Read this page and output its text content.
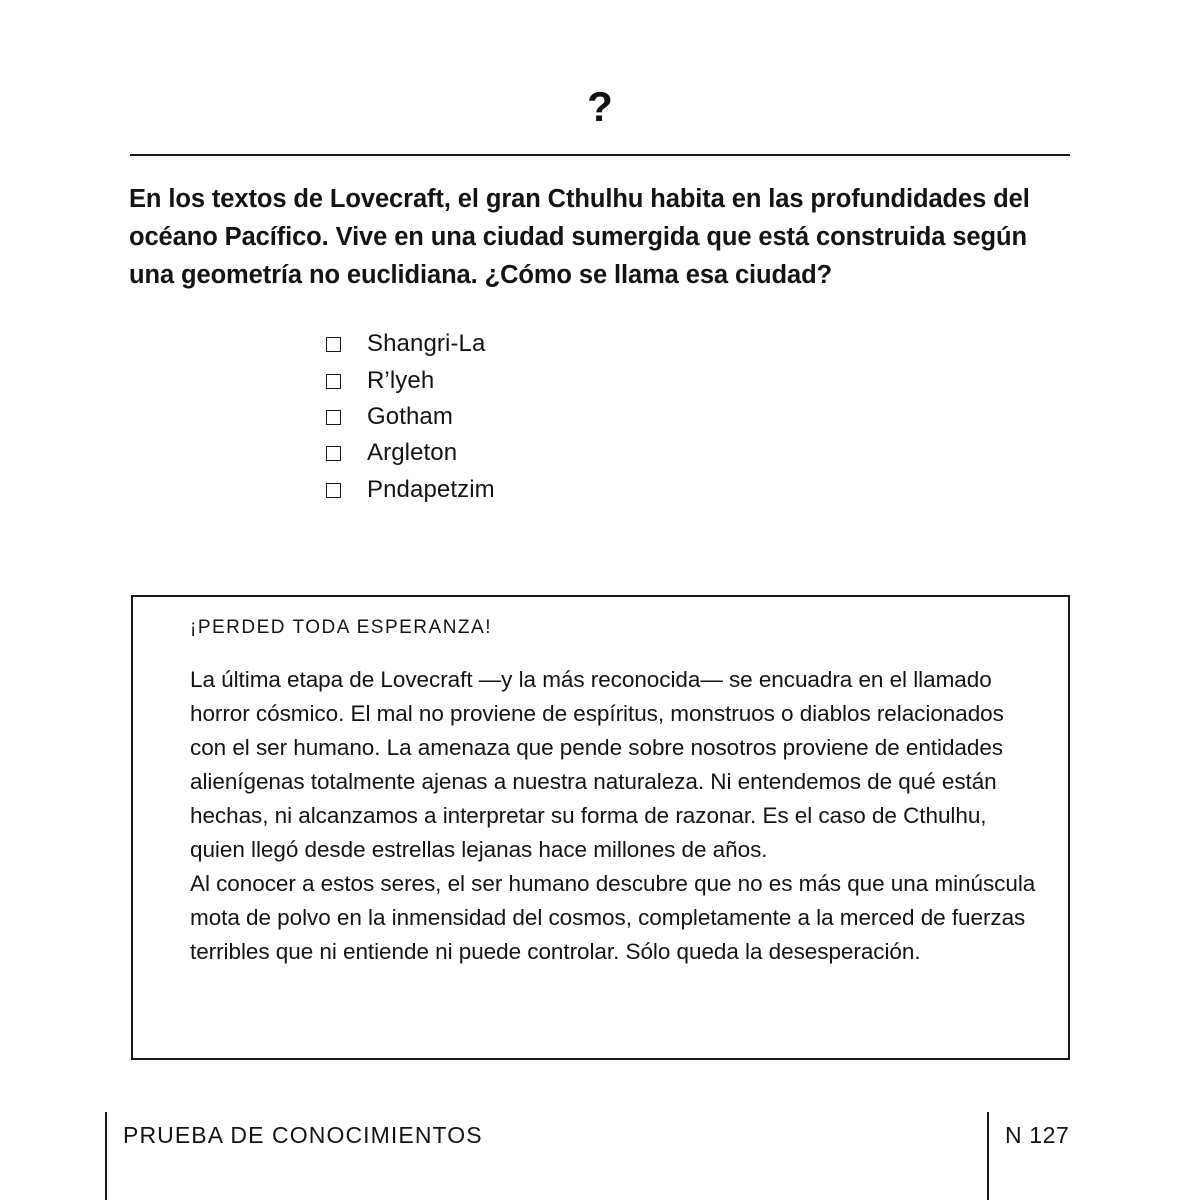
?
En los textos de Lovecraft, el gran Cthulhu habita en las profundidades del océano Pacífico. Vive en una ciudad sumergida que está construida según una geometría no euclidiana. ¿Cómo se llama esa ciudad?
Shangri-La
R’lyeh
Gotham
Argleton
Pndapetzim
¡PERDED TODA ESPERANZA!

La última etapa de Lovecraft —y la más reconocida— se encuadra en el llamado horror cósmico. El mal no proviene de espíritus, monstruos o diablos relacionados con el ser humano. La amenaza que pende sobre nosotros proviene de entidades alienígenas totalmente ajenas a nuestra naturaleza. Ni entendemos de qué están hechas, ni alcanzamos a interpretar su forma de razonar. Es el caso de Cthulhu, quien llegó desde estrellas lejanas hace millones de años.

Al conocer a estos seres, el ser humano descubre que no es más que una minúscula mota de polvo en la inmensidad del cosmos, completamente a la merced de fuerzas terribles que ni entiende ni puede controlar. Sólo queda la desesperación.

PRUEBA DE CONOCIMIENTOS	N 127
